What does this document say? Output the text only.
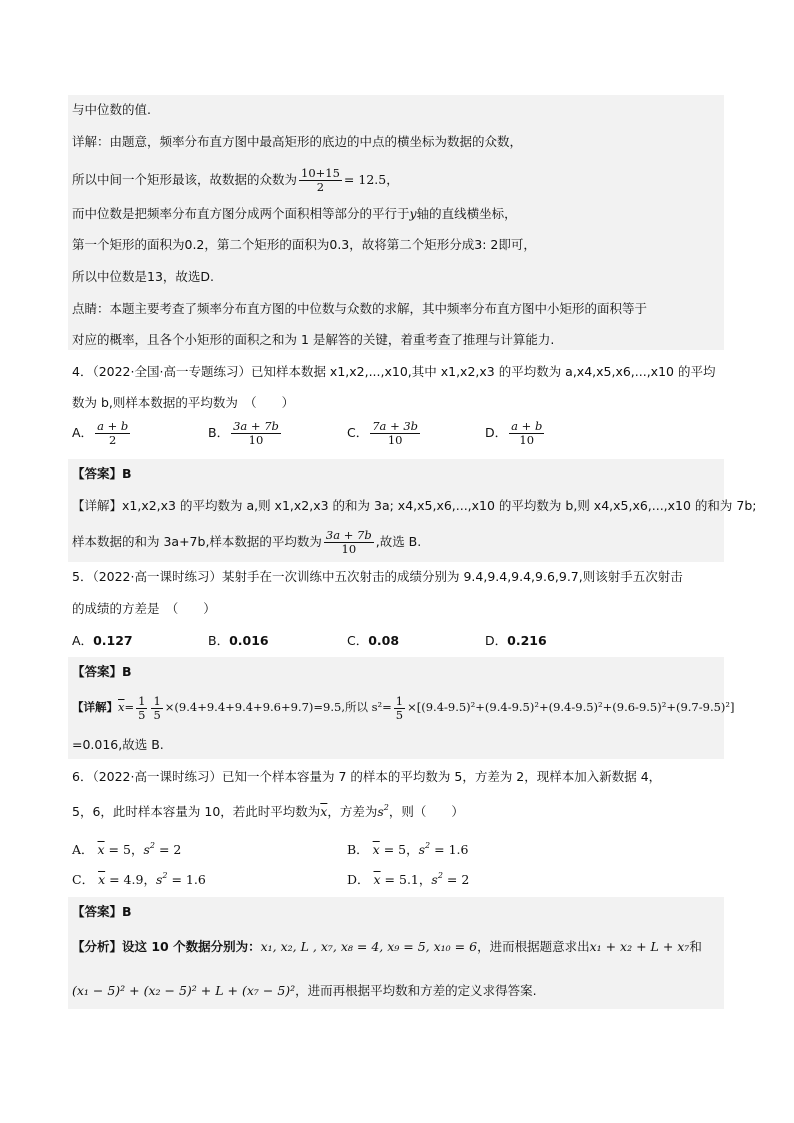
与中位数的值.
详解：由题意，频率分布直方图中最高矩形的底边的中点的横坐标为数据的众数，
所以中间一个矩形最该，故数据的众数为 $\frac{10+15}{2} = 12.5$，
而中位数是把频率分布直方图分成两个面积相等部分的平行于y轴的直线横坐标，
第一个矩形的面积为0.2，第二个矩形的面积为0.3，故将第二个矩形分成3: 2即可，
所以中位数是13，故选D.
点睛：本题主要考查了频率分布直方图的中位数与众数的求解，其中频率分布直方图中小矩形的面积等于
对应的概率，且各个小矩形的面积之和为 1 是解答的关键，着重考查了推理与计算能力.
4．（2022·全国·高一专题练习）已知样本数据 x1,x2,...,x10,其中 x1,x2,x3 的平均数为 a,x4,x5,x6,...,x10 的平均
数为 b,则样本数据的平均数为　（　　）
A． $\frac{a + b}{2}$	B． $\frac{3a + 7b}{10}$	C． $\frac{7a + 3b}{10}$	D． $\frac{a + b}{10}$
【答案】B
【详解】x1,x2,x3 的平均数为 a,则 x1,x2,x3 的和为 3a; x4,x5,x6,...,x10 的平均数为 b,则 x4,x5,x6,...,x10 的和为 7b;
样本数据的和为 3a+7b,样本数据的平均数为 $\frac{3a + 7b}{10}$ ,故选 B.
5．（2022·高一课时练习）某射手在一次训练中五次射击的成绩分别为 9.4,9.4,9.4,9.6,9.7,则该射手五次射击
的成绩的方差是　（　　）
A．0.127	B．0.016	C．0.08	D．0.216
【答案】B
【详解】$\overline{x}= \frac{1}{5} \frac{1}{5} \times(9.4+9.4+9.4+9.6+9.7)=9.5$,所以 $s^2= \frac{1}{5} \times[(9.4-9.5)^2+(9.4-9.5)^2+(9.4-9.5)^2+(9.6-9.5)^2+(9.7-9.5)^2]$
=0.016,故选 B.
6．（2022·高一课时练习）已知一个样本容量为 7 的样本的平均数为 5，方差为 2，现样本加入新数据 4，
5，6，此时样本容量为 10，若此时平均数为$\overline{x}$，方差为$s^2$，则（　　）
A． $\overline{x} = 5$，$s^2 = 2$	B． $\overline{x} = 5$，$s^2 = 1.6$
C． $\overline{x} = 4.9$，$s^2 = 1.6$	D． $\overline{x} = 5.1$，$s^2 = 2$
【答案】B
【分析】设这 10 个数据分别为：x₁, x₂, L , x₇, x₈ = 4, x₉ = 5, x₁₀ = 6，进而根据题意求出x₁ + x₂ + L + x₇和
(x₁ − 5)² + (x₂ − 5)² + L + (x₇ − 5)²，进而再根据平均数和方差的定义求得答案.
